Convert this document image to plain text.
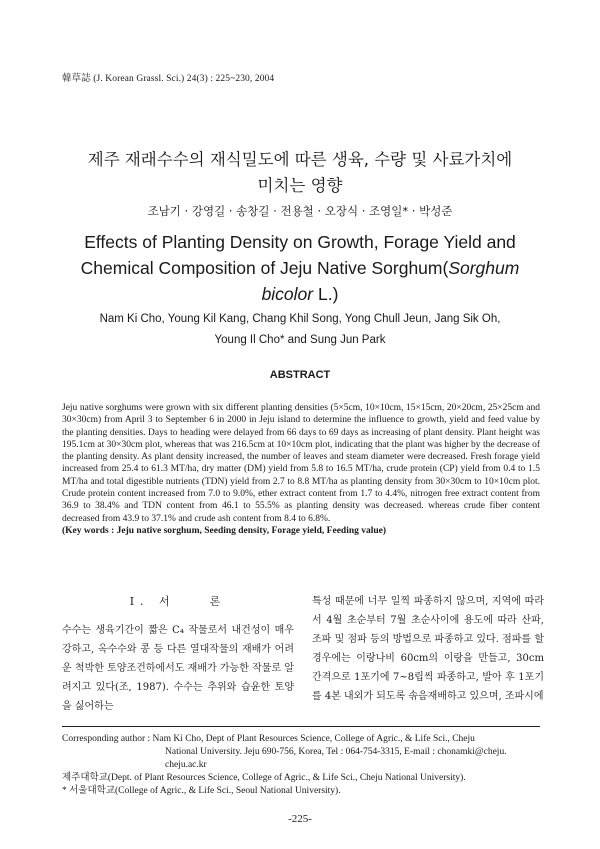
韓草誌 (J. Korean Grassl. Sci.) 24(3) : 225~230, 2004
제주 재래수수의 재식밀도에 따른 생육, 수량 및 사료가치에
미치는 영향
조남기 · 강영길 · 송창길 · 전용철 · 오장식 · 조영일* · 박성준
Effects of Planting Density on Growth, Forage Yield and
Chemical Composition of Jeju Native Sorghum(Sorghum
bicolor L.)
Nam Ki Cho, Young Kil Kang, Chang Khil Song, Yong Chull Jeun, Jang Sik Oh,
Young Il Cho* and Sung Jun Park
ABSTRACT

Jeju native sorghums were grown with six different planting densities (5×5cm, 10×10cm, 15×15cm, 20×20cm, 25×25cm and 30×30cm) from April 3 to September 6 in 2000 in Jeju island to determine the influence to growth, yield and feed value by the planting densities. Days to heading were delayed from 66 days to 69 days as increasing of plant density. Plant height was 195.1cm at 30×30cm plot, whereas that was 216.5cm at 10×10cm plot, indicating that the plant was higher by the decrease of the planting density. As plant density increased, the number of leaves and steam diameter were decreased. Fresh forage yield increased from 25.4 to 61.3 MT/ha, dry matter (DM) yield from 5.8 to 16.5 MT/ha, crude protein (CP) yield from 0.4 to 1.5 MT/ha and total digestible nutrients (TDN) yield from 2.7 to 8.8 MT/ha as planting density from 30×30cm to 10×10cm plot. Crude protein content increased from 7.0 to 9.0%, ether extract content from 1.7 to 4.4%, nitrogen free extract content from 36.9 to 38.4% and TDN content from 46.1 to 55.5% as planting density was decreased. whereas crude fiber content decreased from 43.9 to 37.1% and crude ash content from 8.4 to 6.8%.

(Key words : Jeju native sorghum, Seeding density, Forage yield, Feeding value)

I. 서　　론

수수는 생육기간이 짧은 C₄ 작물로서 내건성이 매우 강하고, 옥수수와 콩 등 다른 열대작물의 재배가 어려운 척박한 토양조건하에서도 재배가 가능한 작물로 알려지고 있다(조, 1987). 수수는 추위와 습윤한 토양을 싫어하는

특성 때문에 너무 일찍 파종하지 않으며, 지역에 따라서 4월 초순부터 7월 초순사이에 용도에 따라 산파, 조파 및 점파 등의 방법으로 파종하고 있다. 점파를 할 경우에는 이랑나비 60cm의 이랑을 만들고, 30cm 간격으로 1포기에 7~8립씩 파종하고, 발아 후 1포기를 4본 내외가 되도록 솎음재배하고 있으며, 조파시에

Corresponding author : Nam Ki Cho, Dept of Plant Resources Science, College of Agric., & Life Sci., Cheju
National University. Jeju 690-756, Korea, Tel : 064-754-3315, E-mail : chonamki@cheju.
cheju.ac.kr
제주대학교(Dept. of Plant Resources Science, College of Agric., & Life Sci., Cheju National University).
* 서울대학교(College of Agric., & Life Sci., Seoul National University).
-225-
